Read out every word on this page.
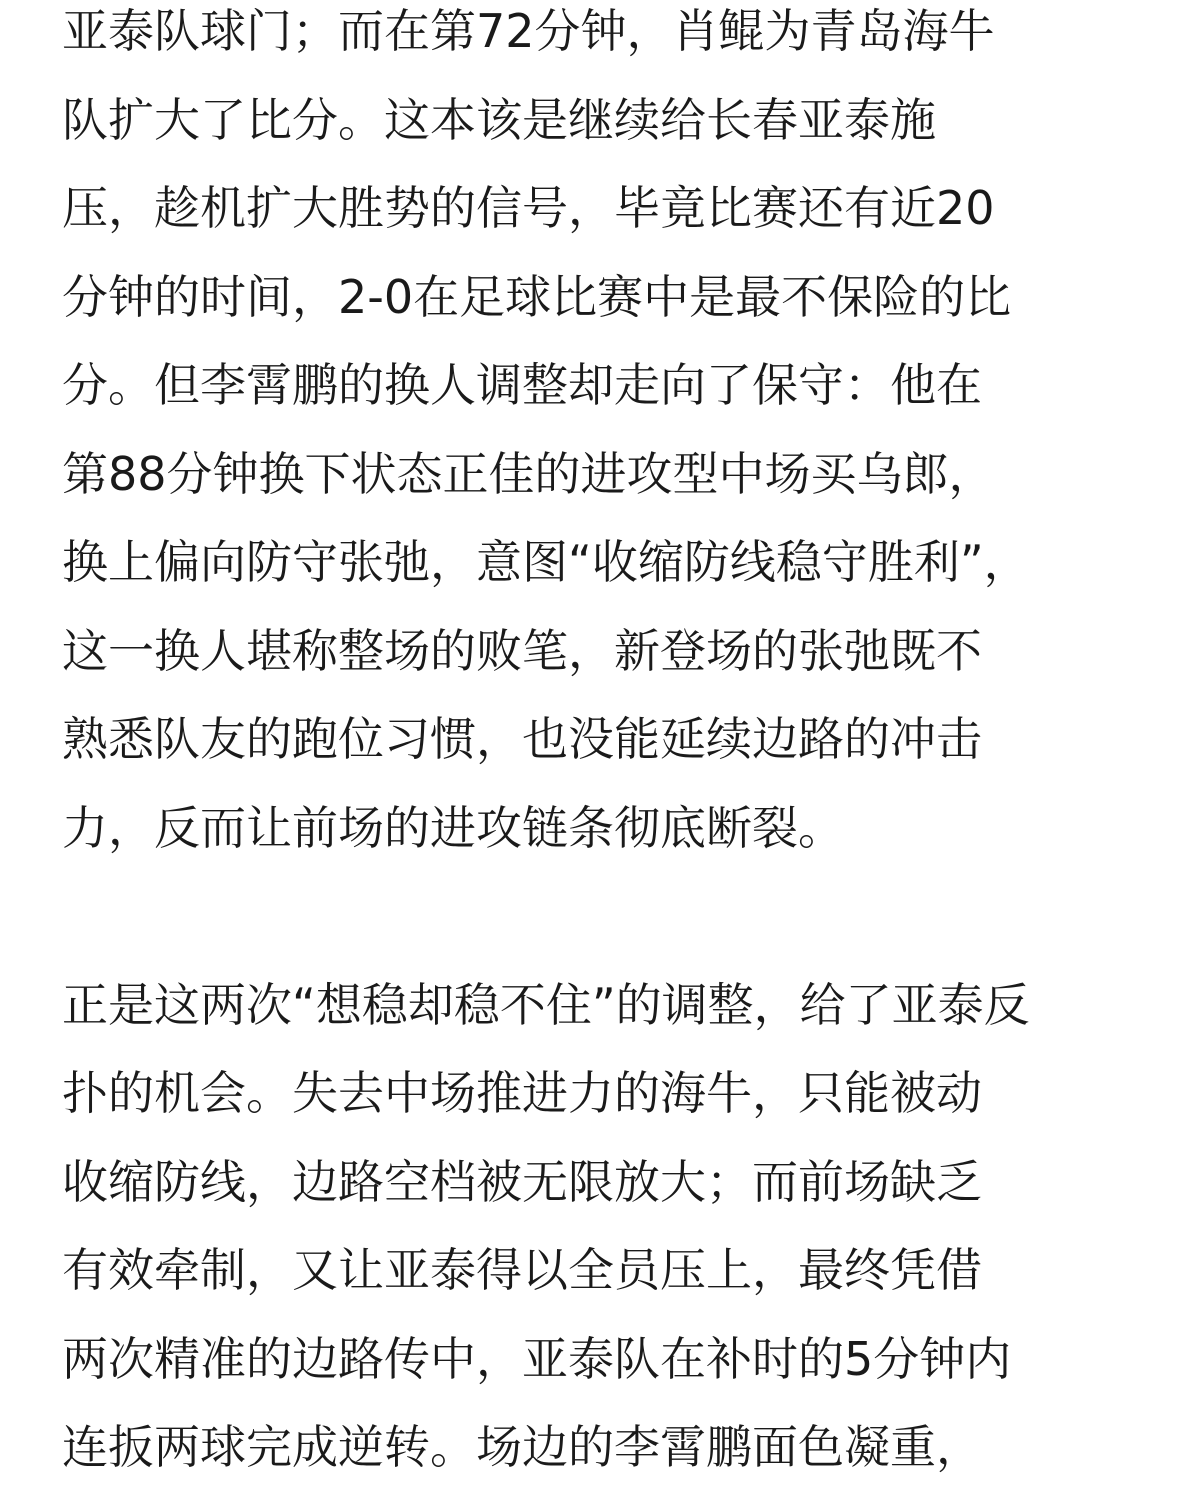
亚泰队球门；而在第72分钟，肖鲲为青岛海牛
队扩大了比分。这本该是继续给长春亚泰施
压，趁机扩大胜势的信号，毕竟比赛还有近20
分钟的时间，2-0在足球比赛中是最不保险的比
分。但李霄鹏的换人调整却走向了保守：他在
第88分钟换下状态正佳的进攻型中场买乌郎，
换上偏向防守张弛，意图“收缩防线稳守胜利”，
这一换人堪称整场的败笔，新登场的张弛既不
熟悉队友的跑位习惯，也没能延续边路的冲击
力，反而让前场的进攻链条彻底断裂。
正是这两次“想稳却稳不住”的调整，给了亚泰反
扑的机会。失去中场推进力的海牛，只能被动
收缩防线，边路空档被无限放大；而前场缺乏
有效牵制，又让亚泰得以全员压上，最终凭借
两次精准的边路传中，亚泰队在补时的5分钟内
连扳两球完成逆转。场边的李霄鹏面色凝重，
